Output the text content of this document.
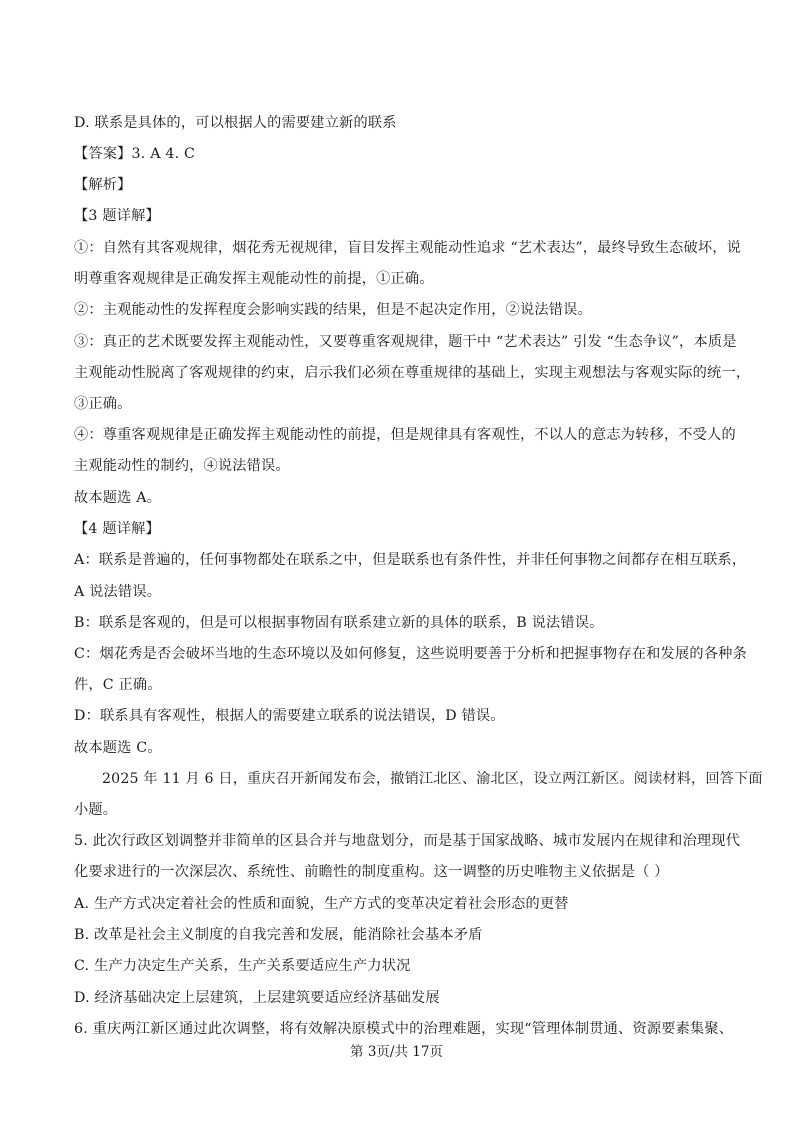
D. 联系是具体的，可以根据人的需要建立新的联系
【答案】3. A 4. C
【解析】
【3 题详解】
①：自然有其客观规律，烟花秀无视规律，盲目发挥主观能动性追求 “艺术表达”，最终导致生态破坏，说
明尊重客观规律是正确发挥主观能动性的前提，①正确。
②：主观能动性的发挥程度会影响实践的结果，但是不起决定作用，②说法错误。
③：真正的艺术既要发挥主观能动性，又要尊重客观规律，题干中 “艺术表达” 引发 “生态争议”，本质是
主观能动性脱离了客观规律的约束，启示我们必须在尊重规律的基础上，实现主观想法与客观实际的统一，
③正确。
④：尊重客观规律是正确发挥主观能动性的前提，但是规律具有客观性，不以人的意志为转移，不受人的
主观能动性的制约，④说法错误。
故本题选 A。
【4 题详解】
A：联系是普遍的，任何事物都处在联系之中，但是联系也有条件性，并非任何事物之间都存在相互联系，
A 说法错误。
B：联系是客观的，但是可以根据事物固有联系建立新的具体的联系，B 说法错误。
C：烟花秀是否会破坏当地的生态环境以及如何修复，这些说明要善于分析和把握事物存在和发展的各种条
件，C 正确。
D：联系具有客观性，根据人的需要建立联系的说法错误，D 错误。
故本题选 C。
2025 年 11 月 6 日，重庆召开新闻发布会，撤销江北区、渝北区，设立两江新区。阅读材料，回答下面
小题。
5. 此次行政区划调整并非简单的区县合并与地盘划分，而是基于国家战略、城市发展内在规律和治理现代
化要求进行的一次深层次、系统性、前瞻性的制度重构。这一调整的历史唯物主义依据是（ ）
A. 生产方式决定着社会的性质和面貌，生产方式的变革决定着社会形态的更替
B. 改革是社会主义制度的自我完善和发展，能消除社会基本矛盾
C. 生产力决定生产关系，生产关系要适应生产力状况
D. 经济基础决定上层建筑，上层建筑要适应经济基础发展
6. 重庆两江新区通过此次调整，将有效解决原模式中的治理难题，实现“管理体制贯通、资源要素集聚、
第 3页/共 17页
